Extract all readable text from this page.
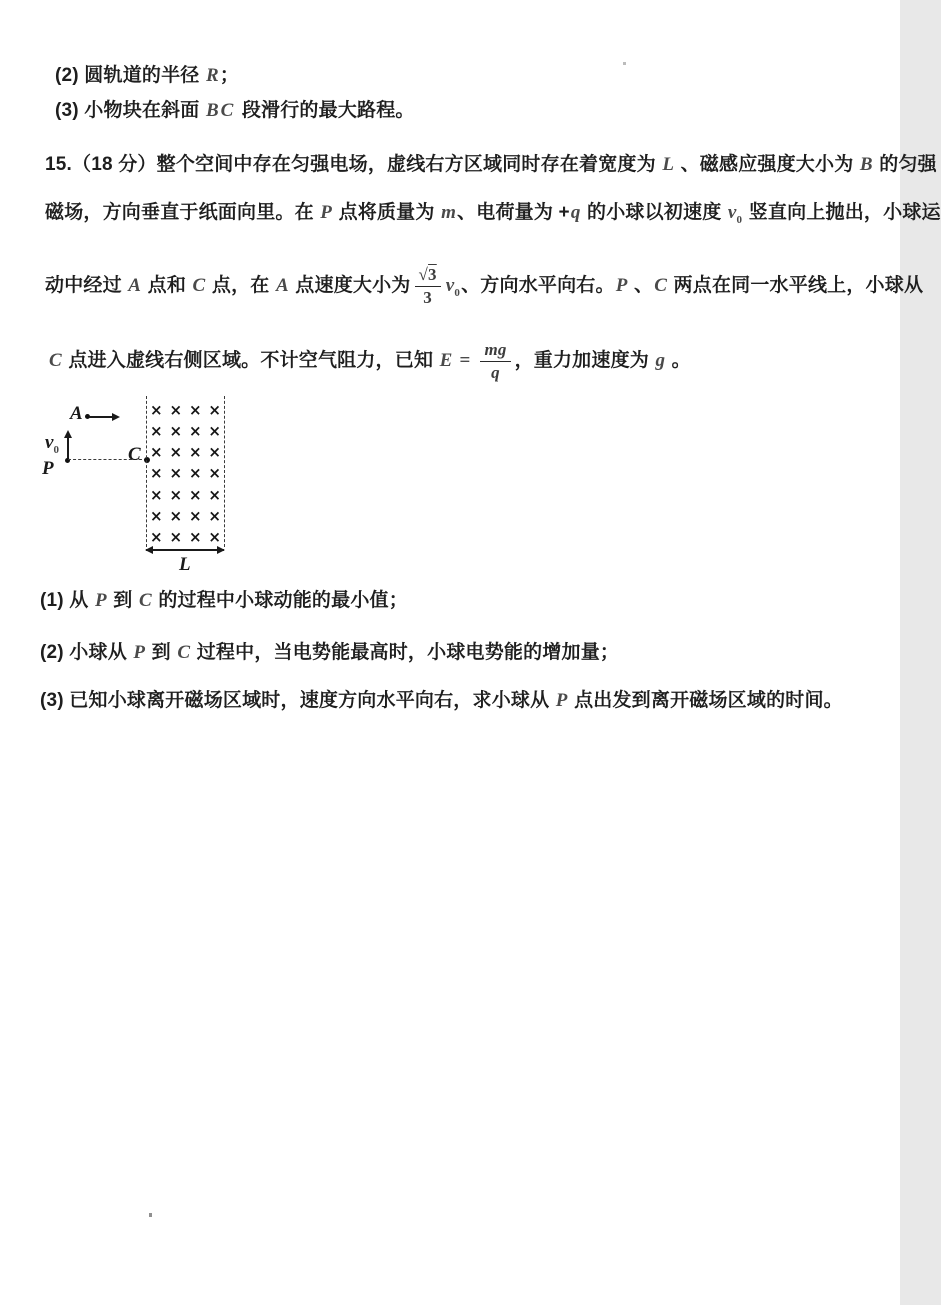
(2) 圆轨道的半径 R；
(3) 小物块在斜面 BC 段滑行的最大路程。
15.（18 分）整个空间中存在匀强电场，虚线右方区域同时存在着宽度为 L 、磁感应强度大小为 B 的匀强
磁场，方向垂直于纸面向里。在 P 点将质量为 m、电荷量为 +q 的小球以初速度 $v_0$ 竖直向上抛出，小球运
动中经过 A 点和 C 点，在 A 点速度大小为 $\frac{√3}{3} v_0$、方向水平向右。P 、C 两点在同一水平线上，小球从
C 点进入虚线右侧区域。不计空气阻力，已知 $E = \frac{mg}{q}$ ，重力加速度为 g 。
A
$v_0$
P
C
× × × ×
× × × ×
× × × ×
× × × ×
× × × ×
× × × ×
× × × ×
L
(1) 从 P 到 C 的过程中小球动能的最小值；
(2) 小球从 P 到 C 过程中，当电势能最高时，小球电势能的增加量；
(3) 已知小球离开磁场区域时，速度方向水平向右，求小球从 P 点出发到离开磁场区域的时间。
